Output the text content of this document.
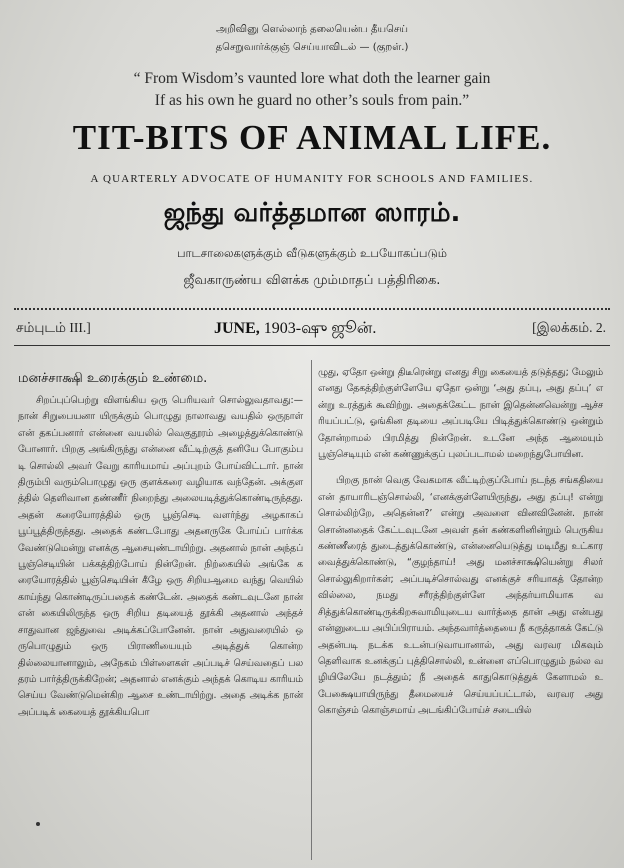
அறிவினு ளெல்லாந் தலையென்ப தீயசெய்
தசெறுவார்க்குஞ் செய்யாவிடல் — (குறள்.)
“ From Wisdom’s vaunted lore what doth the learner gain
If as his own he guard no other’s souls from pain.”
TIT-BITS OF ANIMAL LIFE.
A QUARTERLY ADVOCATE OF HUMANITY FOR SCHOOLS AND FAMILIES.
ஜந்து வர்த்தமான ஸாரம்.
பாடசாலைகளுக்கும் வீடுகளுக்கும் உபயோகப்படும்
ஜீவகாருண்ய விளக்க மும்மாதப் பத்திரிகை.
சம்புடம் III.]	JUNE, 1903-ஷு ஜூன்.	[இலக்கம். 2.
மனச்சாக்ஷி உரைக்கும் உண்மை.

சிறப்புப்பெற்று விளங்கிய ஒரு பெரியவர் சொல்லுவதாவது:— நான் சிறுபையனா யிருக்கும் பொழுது நாலாவது வயதில் ஒருநாள் என் தகப்பனார் என்னை வயலில் வெகுதூரம் அழைத்துக்கொண்டு போனார். பிறகு அங்கிருந்து என்னை வீட்டிற்குத் தனியே போகும்படி சொல்லி அவர் வேறு காரியமாய் அப்புறம் போய்விட்டார். நான் திரும்பி வரும்பொழுது ஒரு குளக்கரை வழியாக வந்தேன். அக்குளத்தில் தெளிவான தண்ணீர் நிறைந்து அலையடித்துக்கொண்டிருந்தது. அதன் கரையோரத்தில் ஒரு பூஞ்செடி வளர்ந்து அழகாகப் பூப்பூத்திருந்தது. அதைக் கண்டபோது அதனருகே போய்ப் பார்க்கவேண்டுமென்று எனக்கு ஆசையுண்டாயிற்று. அதனால் நான் அந்தப் பூஞ்செடியின் பக்கத்திற்போய் நின்றேன். நிற்கையில் அங்கே கரையோரத்தில் பூஞ்செடியின் கீழே ஒரு சிறியஆமை வந்து வெயில் காய்ந்து கொண்டிருப்பதைக் கண்டேன். அதைக் கண்டவுடனே நான் என் கையிலிருந்த ஒரு சிறிய தடியைத் தூக்கி அதனால் அந்தச் சாதுவான ஜந்துவை அடிக்கப்போனேன். நான் அதுவரையில் ஒருபொழுதும் ஒரு பிராணியையும் அடித்துக் கொன்றதில்லையானாலும், அநேகம் பிள்ளைகள் அப்படிச் செய்வதைப் பலதரம் பார்த்திருக்கிறேன்; அதனால் எனக்கும் அந்தக் கொடிய காரியம் செய்ய வேண்டுமென்கிற ஆசை உண்டாயிற்று. அதை அடிக்க நான் அப்படிக் கையைத் தூக்கியபொ

ழுது, ஏதோ ஒன்று திடீரென்று எனது சிறு கையைத் தடுத்தது; மேலும் எனது தேகத்திற்குள்ளேயே ஏதோ ஒன்று ‘அது தப்பு, அது தப்பு’ என்று உரத்துக் கூவிற்று. அதைக்கேட்ட நான் இதென்னவென்று ஆச்சரியப்பட்டு, ஓங்கின தடியை அப்படியே பிடித்துக்கொண்டு ஒன்றும் தோன்றாமல் பிரமித்து நின்றேன். உடனே அந்த ஆமையும் பூஞ்செடியும் என் கண்ணுக்குப் புலப்படாமல் மறைந்துபோயின.

பிறகு நான் வெகு வேகமாக வீட்டிற்குப்போய் நடந்த சங்கதியை என் தாயாரிடஞ்சொல்லி, ‘எனக்குள்ளேயிருந்து, அது தப்பு! என்று சொல்லிற்றே, அதென்ன?’ என்று அவளை வினவினேன். நான் சொன்னதைக் கேட்டவுடனே அவள் தன் கண்களினின்றும் பெருகிய கண்ணீரைத் துடைத்துக்கொண்டு, என்னையெடுத்து மடிமீது உட்காரவைத்துக்கொண்டு, “குழந்தாய்! அது மனச்சாக்ஷியென்று சிலர் சொல்லுகிறார்கள்; அப்படிச்சொல்வது எனக்குச் சரியாகத் தோன்றவில்லை, நமது சரீரத்திற்குள்ளே அந்தர்யாமியாக வசித்துக்கொண்டிருக்கிறசுவாமியுடைய வார்த்தை தான் அது என்பது என்னுடைய அபிப்பிராயம். அந்தவார்த்தையை நீ கருத்தாகக் கேட்டு அதன்படி நடக்க உடன்படுவாயானால், அது வரவர மிகவும் தெளிவாக உனக்குப் புத்திசொல்லி, உன்னை எப்பொழுதும் நல்ல வழியிலேயே நடத்தும்; நீ அதைக் காதுகொடுத்துக் கேளாமல் உபேக்ஷையாயிருந்து தீமையைச் செய்யப்பட்டால், வரவர அது கொஞ்சம் கொஞ்சமாய் அடங்கிப்போய்ச் சடையில்
